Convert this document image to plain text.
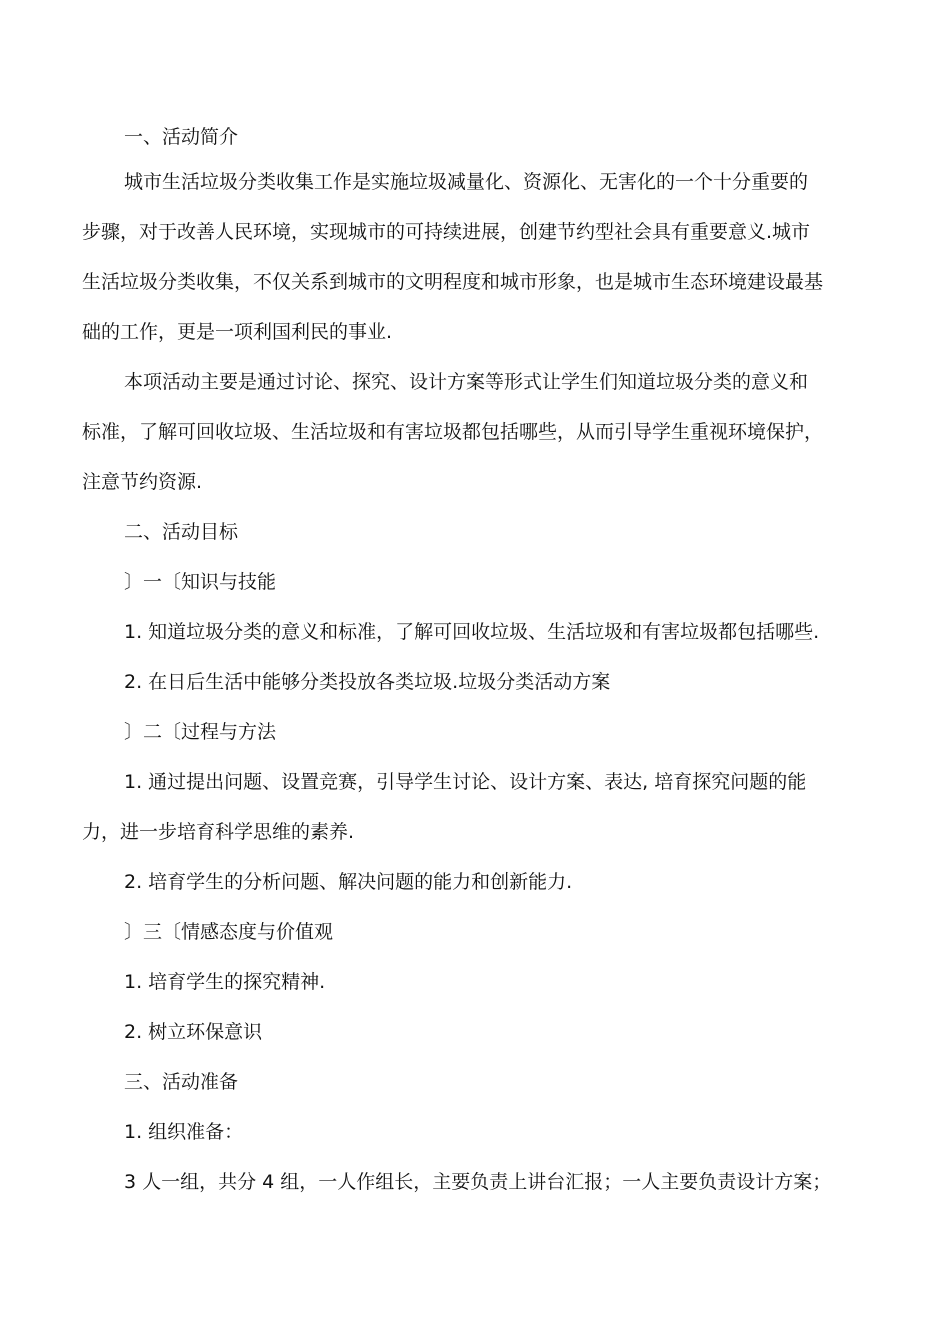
一、活动简介
城市生活垃圾分类收集工作是实施垃圾减量化、资源化、无害化的一个十分重要的
步骤，对于改善人民环境，实现城市的可持续进展，创建节约型社会具有重要意义.城市
生活垃圾分类收集，不仅关系到城市的文明程度和城市形象，也是城市生态环境建设最基
础的工作，更是一项利国利民的事业.
本项活动主要是通过讨论、探究、设计方案等形式让学生们知道垃圾分类的意义和
标准，了解可回收垃圾、生活垃圾和有害垃圾都包括哪些，从而引导学生重视环境保护，
注意节约资源.
二、活动目标
〕一〔知识与技能
1. 知道垃圾分类的意义和标准，了解可回收垃圾、生活垃圾和有害垃圾都包括哪些.
2. 在日后生活中能够分类投放各类垃圾.垃圾分类活动方案
〕二〔过程与方法
1. 通过提出问题、设置竞赛，引导学生讨论、设计方案、表达, 培育探究问题的能
力，进一步培育科学思维的素养.
2. 培育学生的分析问题、解决问题的能力和创新能力.
〕三〔情感态度与价值观
1. 培育学生的探究精神.
2. 树立环保意识
三、活动准备
1. 组织准备：
3 人一组，共分 4 组，一人作组长，主要负责上讲台汇报；一人主要负责设计方案；
